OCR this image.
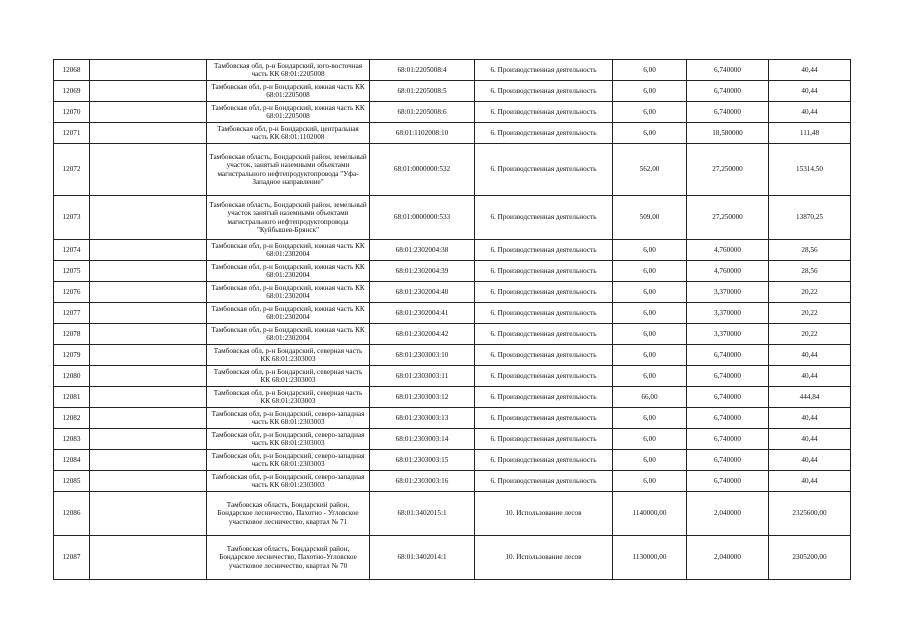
12068		Тамбовская обл, р-н Бондарский, юго-восточная часть КК 68:01:2205008	68:01:2205008:4	6. Производственная деятельность	6,00	6,740000	40,44
12069		Тамбовская обл, р-н Бондарский, южная часть КК 68:01:2205008	68:01:2205008:5	6. Производственная деятельность	6,00	6,740000	40,44
12070		Тамбовская обл, р-н Бондарский, южная часть КК 68:01:2205008	68:01:2205008:6	6. Производственная деятельность	6,00	6,740000	40,44
12071		Тамбовская обл, р-н Бондарский, центральная часть КК 68:01:1102008	68:01:1102008:10	6. Производственная деятельность	6,00	18,580000	111,48
12072		Тамбовская область, Бондарский район, земельный участок, занятый наземными объектами магистрального нефтепродуктопровода "Уфа-Западное направление"	68:01:0000000:532	6. Производственная деятельность	562,00	27,250000	15314,50
12073		Тамбовская область, Бондарский район, земельный участок занятый наземными объектами магистрального нефтепродуктопровода "Куйбышев-Брянск"	68:01:0000000:533	6. Производственная деятельность	509,00	27,250000	13870,25
12074		Тамбовская обл, р-н Бондарский, южная часть КК 68:01:2302004	68:01:2302004:38	6. Производственная деятельность	6,00	4,760000	28,56
12075		Тамбовская обл, р-н Бондарский, южная часть КК 68:01:2302004	68:01:2302004:39	6. Производственная деятельность	6,00	4,760000	28,56
12076		Тамбовская обл, р-н Бондарский, южная часть КК 68:01:2302004	68:01:2302004:40	6. Производственная деятельность	6,00	3,370000	20,22
12077		Тамбовская обл, р-н Бондарский, южная часть КК 68:01:2302004	68:01:2302004:41	6. Производственная деятельность	6,00	3,370000	20,22
12078		Тамбовская обл, р-н Бондарский, южная часть КК 68:01:2302004	68:01:2302004:42	6. Производственная деятельность	6,00	3,370000	20,22
12079		Тамбовская обл, р-н Бондарский, северная часть КК 68:01:2303003	68:01:2303003:10	6. Производственная деятельность	6,00	6,740000	40,44
12080		Тамбовская обл, р-н Бондарский, северная часть КК 68:01:2303003	68:01:2303003:11	6. Производственная деятельность	6,00	6,740000	40,44
12081		Тамбовская обл, р-н Бондарский, северная часть КК 68:01:2303003	68:01:2303003:12	6. Производственная деятельность	66,00	6,740000	444,84
12082		Тамбовская обл, р-н Бондарский, северо-западная часть КК 68:01:2303003	68:01:2303003:13	6. Производственная деятельность	6,00	6,740000	40,44
12083		Тамбовская обл, р-н Бондарский, северо-западная часть КК 68:01:2303003	68:01:2303003:14	6. Производственная деятельность	6,00	6,740000	40,44
12084		Тамбовская обл, р-н Бондарский, северо-западная часть КК 68:01:2303003	68:01:2303003:15	6. Производственная деятельность	6,00	6,740000	40,44
12085		Тамбовская обл, р-н Бондарский, северо-западная часть КК 68:01:2303003	68:01:2303003:16	6. Производственная деятельность	6,00	6,740000	40,44
12086		Тамбовская область, Бондарский район, Бондарское лесничество, Пахотно - Угловское участковое лесничество, квартал № 71	68:01:3402015:1	10. Использование лесов	1140000,00	2,040000	2325600,00
12087		Тамбовская область, Бондарский район, Бондарское лесничество, Пахотно-Угловское участковое лесничество, квартал № 70	68:01:3402014:1	10. Использование лесов	1130000,00	2,040000	2305200,00
